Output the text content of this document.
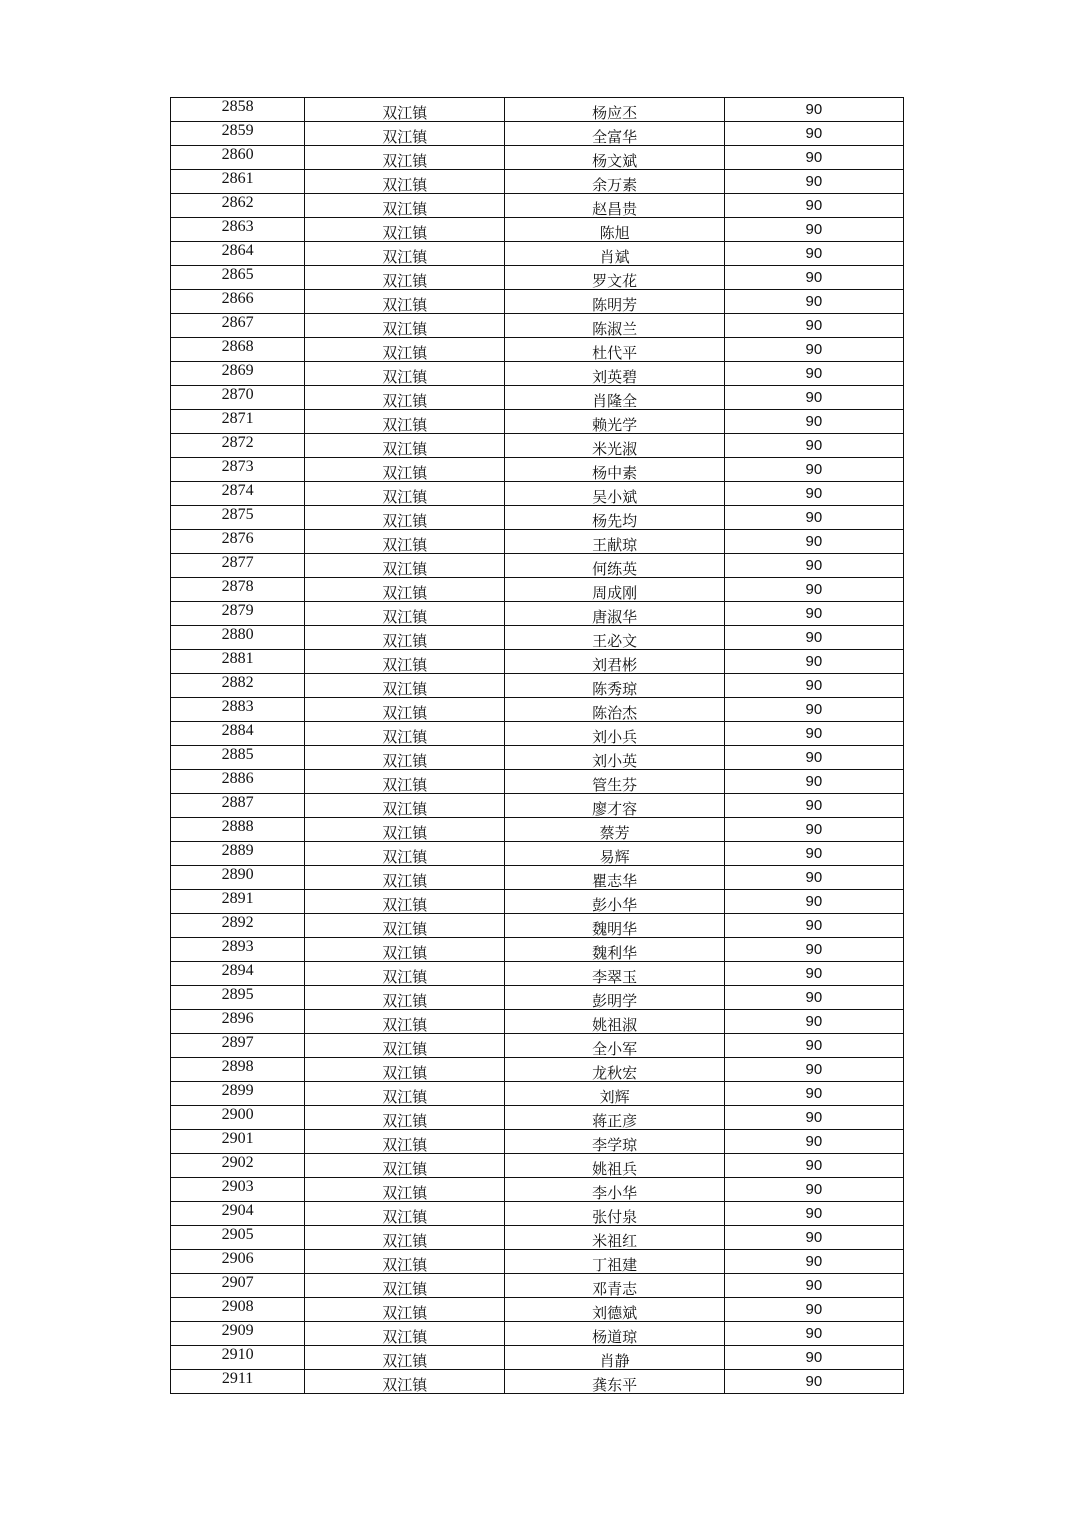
2858	双江镇	杨应丕	90
2859	双江镇	全富华	90
2860	双江镇	杨文斌	90
2861	双江镇	余万素	90
2862	双江镇	赵昌贵	90
2863	双江镇	陈旭	90
2864	双江镇	肖斌	90
2865	双江镇	罗文花	90
2866	双江镇	陈明芳	90
2867	双江镇	陈淑兰	90
2868	双江镇	杜代平	90
2869	双江镇	刘英碧	90
2870	双江镇	肖隆全	90
2871	双江镇	赖光学	90
2872	双江镇	米光淑	90
2873	双江镇	杨中素	90
2874	双江镇	吴小斌	90
2875	双江镇	杨先均	90
2876	双江镇	王献琼	90
2877	双江镇	何练英	90
2878	双江镇	周成刚	90
2879	双江镇	唐淑华	90
2880	双江镇	王必文	90
2881	双江镇	刘君彬	90
2882	双江镇	陈秀琼	90
2883	双江镇	陈治杰	90
2884	双江镇	刘小兵	90
2885	双江镇	刘小英	90
2886	双江镇	管生芬	90
2887	双江镇	廖才容	90
2888	双江镇	蔡芳	90
2889	双江镇	易辉	90
2890	双江镇	瞿志华	90
2891	双江镇	彭小华	90
2892	双江镇	魏明华	90
2893	双江镇	魏利华	90
2894	双江镇	李翠玉	90
2895	双江镇	彭明学	90
2896	双江镇	姚祖淑	90
2897	双江镇	全小军	90
2898	双江镇	龙秋宏	90
2899	双江镇	刘辉	90
2900	双江镇	蒋正彦	90
2901	双江镇	李学琼	90
2902	双江镇	姚祖兵	90
2903	双江镇	李小华	90
2904	双江镇	张付泉	90
2905	双江镇	米祖红	90
2906	双江镇	丁祖建	90
2907	双江镇	邓青志	90
2908	双江镇	刘德斌	90
2909	双江镇	杨道琼	90
2910	双江镇	肖静	90
2911	双江镇	龚东平	90
